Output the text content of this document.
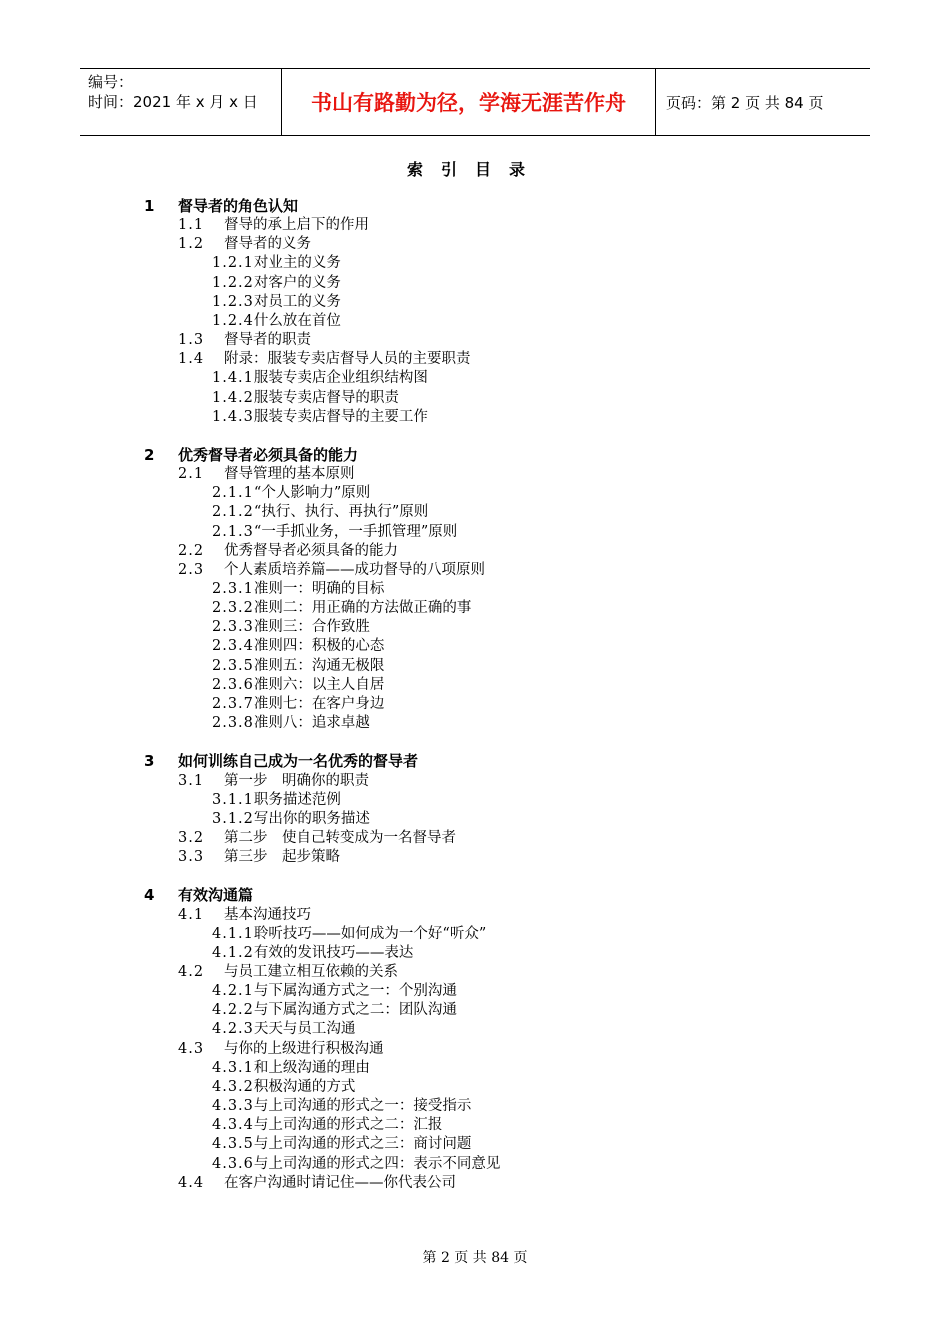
编号：
时间：2021 年 x 月 x 日	书山有路勤为径，学海无涯苦作舟	页码：第 2 页 共 84 页
索引目录
1 督导者的角色认知
1.1 督导的承上启下的作用
1.2 督导者的义务
1.2.1对业主的义务
1.2.2对客户的义务
1.2.3对员工的义务
1.2.4什么放在首位
1.3 督导者的职责
1.4 附录：服装专卖店督导人员的主要职责
1.4.1服装专卖店企业组织结构图
1.4.2服装专卖店督导的职责
1.4.3服装专卖店督导的主要工作
2 优秀督导者必须具备的能力
2.1 督导管理的基本原则
2.1.1“个人影响力”原则
2.1.2“执行、执行、再执行”原则
2.1.3“一手抓业务，一手抓管理”原则
2.2 优秀督导者必须具备的能力
2.3 个人素质培养篇——成功督导的八项原则
2.3.1准则一：明确的目标
2.3.2准则二：用正确的方法做正确的事
2.3.3准则三：合作致胜
2.3.4准则四：积极的心态
2.3.5准则五：沟通无极限
2.3.6准则六：以主人自居
2.3.7准则七：在客户身边
2.3.8准则八：追求卓越
3 如何训练自己成为一名优秀的督导者
3.1 第一步　明确你的职责
3.1.1职务描述范例
3.1.2写出你的职务描述
3.2 第二步　使自己转变成为一名督导者
3.3 第三步　起步策略
4 有效沟通篇
4.1 基本沟通技巧
4.1.1聆听技巧——如何成为一个好“听众”
4.1.2有效的发讯技巧——表达
4.2 与员工建立相互依赖的关系
4.2.1与下属沟通方式之一：个别沟通
4.2.2与下属沟通方式之二：团队沟通
4.2.3天天与员工沟通
4.3 与你的上级进行积极沟通
4.3.1和上级沟通的理由
4.3.2积极沟通的方式
4.3.3与上司沟通的形式之一：接受指示
4.3.4与上司沟通的形式之二：汇报
4.3.5与上司沟通的形式之三：商讨问题
4.3.6与上司沟通的形式之四：表示不同意见
4.4 在客户沟通时请记住——你代表公司
第 2 页 共 84 页
